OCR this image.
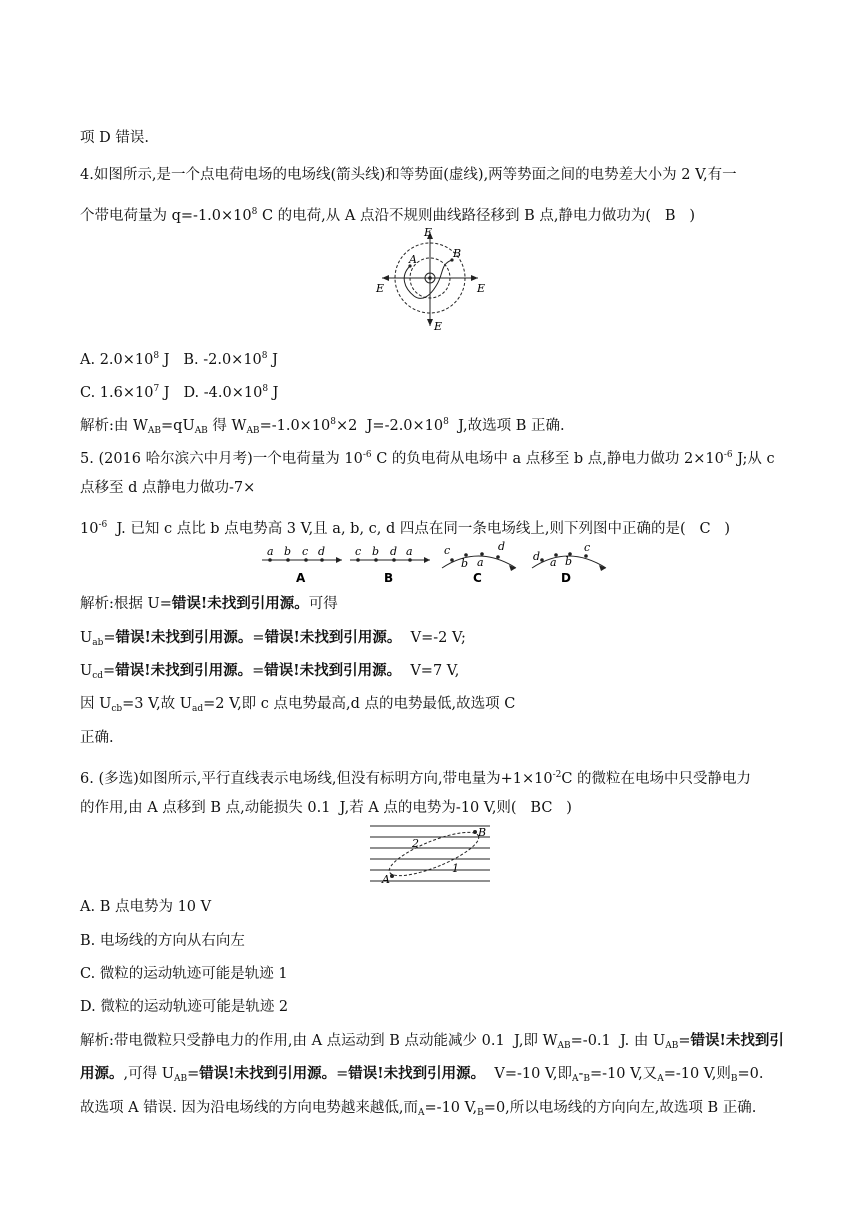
项 D 错误.
4.如图所示,是一个点电荷电场的电场线(箭头线)和等势面(虚线),两等势面之间的电势差大小为 2 V,有一
个带电荷量为 $q=-1.0\times 10^8$ C 的电荷,从 A 点沿不规则曲线路径移到 B 点,静电力做功为(   B   )
E
E	E
E
A	B
A. $2.0\times 10^8$ J   B. $-2.0\times 10^8$ J
C. $1.6\times 10^7$ J   D. $-4.0\times 10^8$ J
解析:由 $W_{AB}=qU_{AB}$ 得 $W_{AB}=-1.0\times 10^8\times 2$  $J=-2.0\times 10^8$  J,故选项 B 正确.
5. (2016 哈尔滨六中月考)一个电荷量为 $10^{-6}$ C 的负电荷从电场中 a 点移至 b 点,静电力做功 $2\times 10^{-6}$ J;从 c
点移至 d 点静电力做功-7×
$10^{-6}$  J. 已知 c 点比 b 点电势高 3 V,且 a, b, c, d 四点在同一条电场线上,则下列图中正确的是(   C   )
a b c d
A
c b d a
B
c
b a
d
C
d a b
c
D
解析:根据 U=错误!未找到引用源。可得
$U_{ab}=$错误!未找到引用源。=错误!未找到引用源。  V=-2 V;
$U_{cd}=$错误!未找到引用源。=错误!未找到引用源。  V=7 V,
因 $U_{cb}=3$ V,故 $U_{ad}=2$ V,即 c 点电势最高,d 点的电势最低,故选项 C
正确.
6. (多选)如图所示,平行直线表示电场线,但没有标明方向,带电量为$+1\times 10^{-2}C$ 的微粒在电场中只受静电力
的作用,由 A 点移到 B 点,动能损失 0.1  J,若 A 点的电势为-10 V,则(   BC   )
A
B
1
2
A. B 点电势为 10 V
B. 电场线的方向从右向左
C. 微粒的运动轨迹可能是轨迹 1
D. 微粒的运动轨迹可能是轨迹 2
解析:带电微粒只受静电力的作用,由 A 点运动到 B 点动能减少 0.1  J,即 $W_{AB}=-0.1$  J. 由 $U_{AB}=$错误!未找到引
用源。,可得 $U_{AB}=$错误!未找到引用源。=错误!未找到引用源。  V=-10 V,即$_A-_B=-10$ V,又$_A$=-10 V,则$_B$=0.
故选项 A 错误. 因为沿电场线的方向电势越来越低,而$_A$=-10 $V,_B=0$,所以电场线的方向向左,故选项 B 正确.
